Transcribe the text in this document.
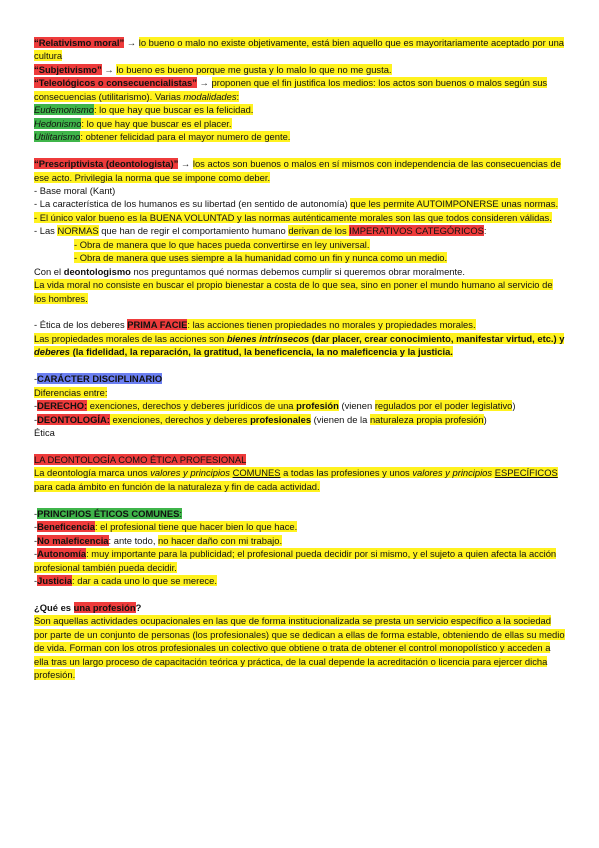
“Relativismo moral” → lo bueno o malo no existe objetivamente, está bien aquello que es mayoritariamente aceptado por una cultura

“Subjetivismo” → lo bueno es bueno porque me gusta y lo malo lo que no me gusta.

“Teleológicos o consecuencialistas” → proponen que el fin justifica los medios: los actos son buenos o malos según sus consecuencias (utilitarismo). Varias modalidades:

Eudemonismo: lo que hay que buscar es la felicidad.

Hedonismo: lo que hay que buscar es el placer.

Utilitarismo: obtener felicidad para el mayor numero de gente.

“Prescriptivista (deontologista)” → los actos son buenos o malos en sí mismos con independencia de las consecuencias de ese acto. Privilegia la norma que se impone como deber.

- Base moral (Kant)

- La característica de los humanos es su libertad (en sentido de autonomía) que les permite AUTOIMPONERSE unas normas.

- El único valor bueno es la BUENA VOLUNTAD y las normas auténticamente morales son las que todos consideren válidas.

- Las NORMAS que han de regir el comportamiento humano derivan de los IMPERATIVOS CATEGÓRICOS:

- Obra de manera que lo que haces pueda convertirse en ley universal.

- Obra de manera que uses siempre a la humanidad como un fin y nunca como un medio.

Con el deontologismo nos preguntamos qué normas debemos cumplir si queremos obrar moralmente.

La vida moral no consiste en buscar el propio bienestar a costa de lo que sea, sino en poner el mundo humano al servicio de los hombres.

- Ética de los deberes PRIMA FACIE: las acciones tienen propiedades no morales y propiedades morales.

Las propiedades morales de las acciones son bienes intrínsecos (dar placer, crear conocimiento, manifestar virtud, etc.) y deberes (la fidelidad, la reparación, la gratitud, la beneficencia, la no maleficencia y la justicia.

-CARÁCTER DISCIPLINARIO

Diferencias entre:

-DERECHO: exenciones, derechos y deberes jurídicos de una profesión (vienen regulados por el poder legislativo)

-DEONTOLOGÍA: exenciones, derechos y deberes profesionales (vienen de la naturaleza propia profesión)

Ética

LA DEONTOLOGÍA COMO ÉTICA PROFESIONAL

La deontología marca unos valores y principios COMUNES a todas las profesiones y unos valores y principios ESPECÍFICOS para cada ámbito en función de la naturaleza y fin de cada actividad.

-PRINCIPIOS ÉTICOS COMUNES:

-Beneficencia: el profesional tiene que hacer bien lo que hace.

-No maleficencia: ante todo, no hacer daño con mi trabajo.

-Autonomía: muy importante para la publicidad; el profesional pueda decidir por si mismo, y el sujeto a quien afecta la acción profesional también pueda decidir.

-Justicia: dar a cada uno lo que se merece.

¿Qué es una profesión?

Son aquellas actividades ocupacionales en las que de forma institucionalizada se presta un servicio específico a la sociedad por parte de un conjunto de personas (los profesionales) que se dedican a ellas de forma estable, obteniendo de ellas su medio de vida. Forman con los otros profesionales un colectivo que obtiene o trata de obtener el control monopolístico y acceden a ella tras un largo proceso de capacitación teórica y práctica, de la cual depende la acreditación o licencia para ejercer dicha profesión.
